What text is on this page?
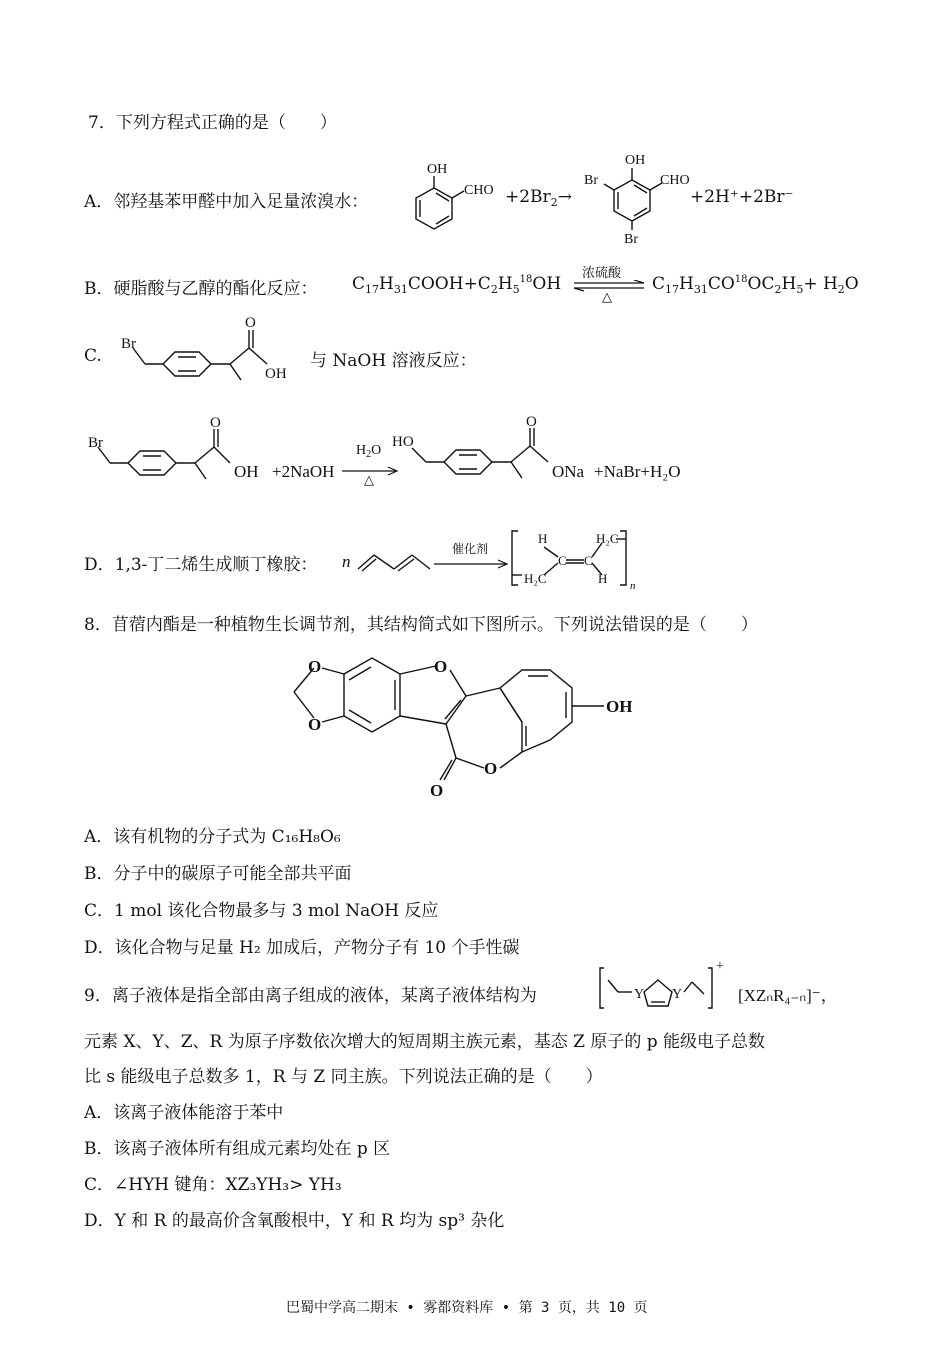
7．下列方程式正确的是（　　）
A．邻羟基苯甲醛中加入足量浓溴水：
OH
CHO $+2Br_2\to$
OH
CHO
Br
Br
+2H⁺+2Br⁻
B．硬脂酸与乙醇的酯化反应： $C_{17}H_{31}COOH+C_2H_5^{18}OH$
浓硫酸
△
$C_{17}H_{31}CO^{18}OC_2H_5+ H_2O$
C.
Br
O
OH
与 NaOH 溶液反应：
Br
O
OH +2NaOH
$H_2O$
△
HO
O
ONa +NaBr+H₂O
D．1,3-丁二烯生成顺丁橡胶： n
催化剂
H	H₂C
C C
H₂C	H n
8．苜蓿内酯是一种植物生长调节剂，其结构简式如下图所示。下列说法错误的是（　　）
O
O
O
O
O
OH
A．该有机物的分子式为 C₁₆H₈O₆
B．分子中的碳原子可能全部共平面
C．1 mol 该化合物最多与 3 mol NaOH 反应
D．该化合物与足量 H₂ 加成后，产物分子有 10 个手性碳
9．离子液体是指全部由离子组成的液体，某离子液体结构为	Y Y
+
[XZₙR₄₋ₙ]⁻，
元素 X、Y、Z、R 为原子序数依次增大的短周期主族元素，基态 Z 原子的 p 能级电子总数
比 s 能级电子总数多 1，R 与 Z 同主族。下列说法正确的是（　　）
A．该离子液体能溶于苯中
B．该离子液体所有组成元素均处在 p 区
C．∠HYH 键角：XZ₃YH₃> YH₃
D．Y 和 R 的最高价含氧酸根中，Y 和 R 均为 sp³ 杂化
巴蜀中学高二期末 • 雾都资料库 • 第 3 页，共 10 页
